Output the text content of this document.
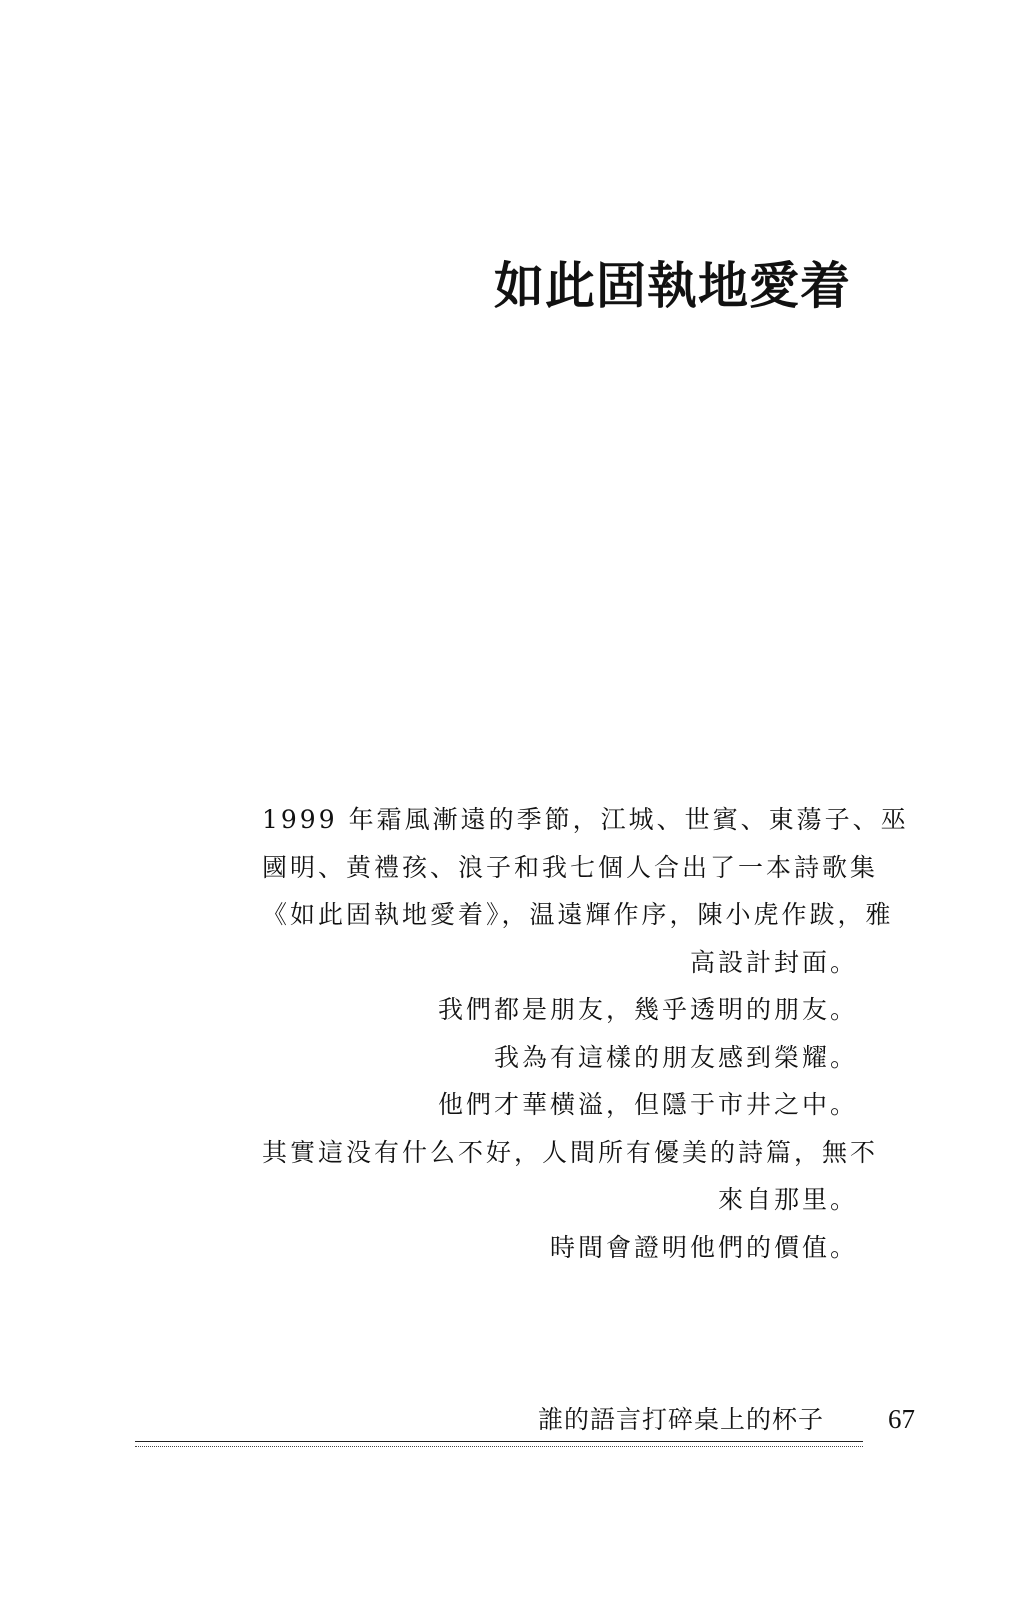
如此固執地愛着
1999 年霜風漸遠的季節，江城、世賓、東蕩子、巫
國明、黄禮孩、浪子和我七個人合出了一本詩歌集
《如此固執地愛着》，温遠輝作序，陳小虎作跋，雅
高設計封面。
我們都是朋友，幾乎透明的朋友。
我為有這樣的朋友感到榮耀。
他們才華横溢，但隱于市井之中。
其實這没有什么不好，人間所有優美的詩篇，無不
來自那里。
時間會證明他們的價值。
誰的語言打碎桌上的杯子 67
